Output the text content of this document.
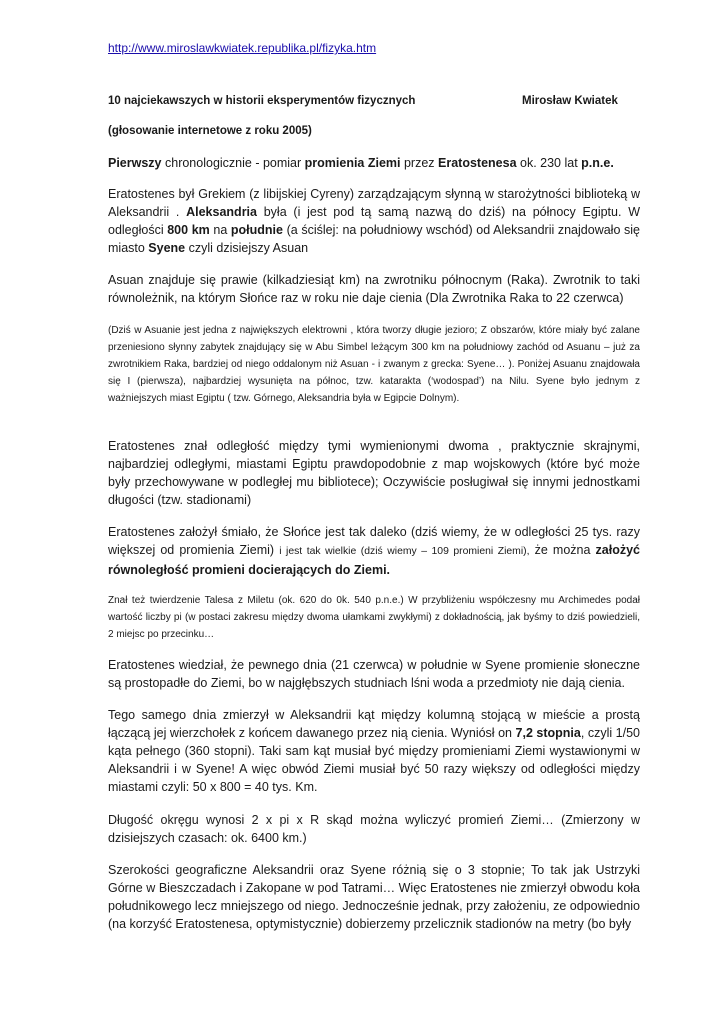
http://www.miroslawkwiatek.republika.pl/fizyka.htm
10 najciekawszych w historii eksperymentów fizycznych	Mirosław Kwiatek
(głosowanie internetowe z roku 2005)
Pierwszy chronologicznie - pomiar promienia Ziemi przez Eratostenesa ok. 230 lat p.n.e.
Eratostenes był Grekiem (z libijskiej Cyreny) zarządzającym słynną w starożytności biblioteką w Aleksandrii . Aleksandria była (i jest pod tą samą nazwą do dziś) na północy Egiptu. W odległości 800 km na południe (a ściślej: na południowy wschód) od Aleksandrii znajdowało się miasto Syene czyli dzisiejszy Asuan
Asuan znajduje się prawie (kilkadziesiąt km) na zwrotniku północnym (Raka). Zwrotnik to taki równoleżnik, na którym Słońce raz w roku nie daje cienia (Dla Zwrotnika Raka to 22 czerwca)
(Dziś w Asuanie jest jedna z największych elektrowni , która tworzy długie jezioro; Z obszarów, które miały być zalane przeniesiono słynny zabytek znajdujący się w Abu Simbel leżącym 300 km na południowy zachód od Asuanu – już za zwrotnikiem Raka, bardziej od niego oddalonym niż Asuan - i zwanym z grecka: Syene… ). Poniżej Asuanu znajdowała się I (pierwsza), najbardziej wysunięta na północ, tzw. katarakta (‘wodospad’) na Nilu. Syene było jednym z ważniejszych miast Egiptu ( tzw. Górnego, Aleksandria była w Egipcie Dolnym).
Eratostenes znał odległość między tymi wymienionymi dwoma , praktycznie skrajnymi, najbardziej odległymi, miastami Egiptu prawdopodobnie z map wojskowych (które być może były przechowywane w podległej mu bibliotece); Oczywiście posługiwał się innymi jednostkami długości (tzw. stadionami)
Eratostenes założył śmiało, że Słońce jest tak daleko (dziś wiemy, że w odległości 25 tys. razy większej od promienia Ziemi) i jest tak wielkie (dziś wiemy – 109 promieni Ziemi), że można założyć równoległość promieni docierających do Ziemi.
Znał też twierdzenie Talesa z Miletu (ok. 620 do 0k. 540 p.n.e.) W przybliżeniu współczesny mu Archimedes podał wartość liczby pi (w postaci zakresu między dwoma ułamkami zwykłymi) z dokładnością, jak byśmy to dziś powiedzieli, 2 miejsc po przecinku…
Eratostenes wiedział, że pewnego dnia (21 czerwca) w południe w Syene promienie słoneczne są prostopadłe do Ziemi, bo w najgłębszych studniach lśni woda a przedmioty nie dają cienia.
Tego samego dnia zmierzył w Aleksandrii kąt między kolumną stojącą w mieście a prostą łączącą jej wierzchołek z końcem dawanego przez nią cienia. Wyniósł on 7,2 stopnia, czyli 1/50 kąta pełnego (360 stopni). Taki sam kąt musiał być między promieniami Ziemi wystawionymi w Aleksandrii i w Syene! A więc obwód Ziemi musiał być 50 razy większy od odległości między miastami czyli: 50 x 800 = 40 tys. Km.
Długość okręgu wynosi 2 x pi x R skąd można wyliczyć promień Ziemi… (Zmierzony w dzisiejszych czasach: ok. 6400 km.)
Szerokości geograficzne Aleksandrii oraz Syene różnią się o 3 stopnie; To tak jak Ustrzyki Górne w Bieszczadach i Zakopane w pod Tatrami… Więc Eratostenes nie zmierzył obwodu koła południkowego lecz mniejszego od niego. Jednocześnie jednak, przy założeniu, ze odpowiednio (na korzyść Eratostenesa, optymistycznie) dobierzemy przelicznik stadionów na metry (bo były
